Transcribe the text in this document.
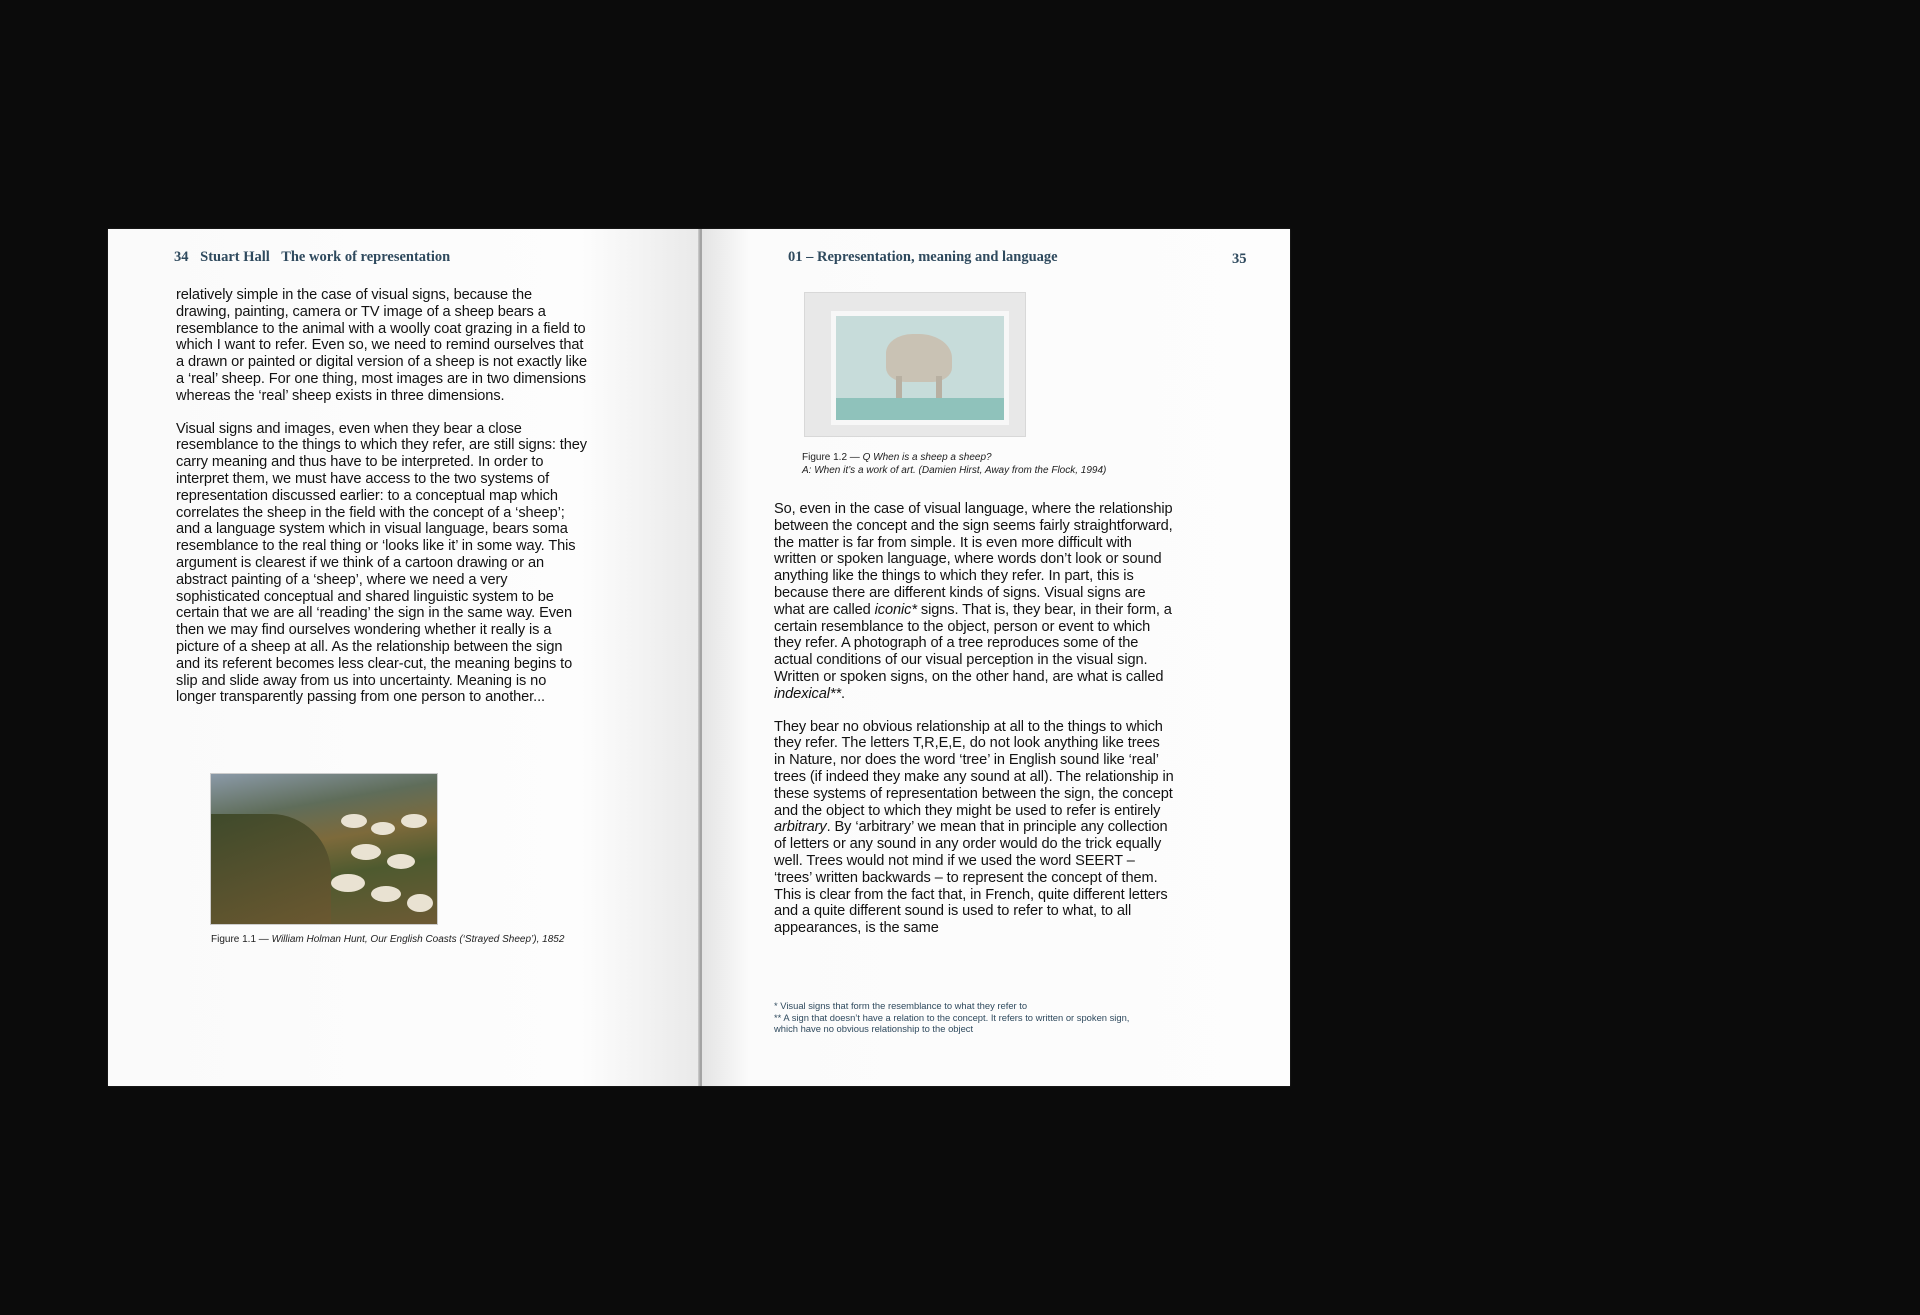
34 Stuart Hall The work of representation

relatively simple in the case of visual signs, because the drawing, painting, camera or TV image of a sheep bears a resemblance to the animal with a woolly coat grazing in a field to which I want to refer. Even so, we need to remind ourselves that a drawn or painted or digital version of a sheep is not exactly like a ‘real’ sheep. For one thing, most images are in two dimensions whereas the ‘real’ sheep exists in three dimensions.

Visual signs and images, even when they bear a close resemblance to the things to which they refer, are still signs: they carry meaning and thus have to be interpreted. In order to interpret them, we must have access to the two systems of representation discussed earlier: to a conceptual map which correlates the sheep in the field with the concept of a ‘sheep’; and a language system which in visual language, bears soma resemblance to the real thing or ‘looks like it’ in some way. This argument is clearest if we think of a cartoon drawing or an abstract painting of a ‘sheep’, where we need a very sophisticated conceptual and shared linguistic system to be certain that we are all ‘reading’ the sign in the same way. Even then we may find ourselves wondering whether it really is a picture of a sheep at all. As the relationship between the sign and its referent becomes less clear-cut, the meaning begins to slip and slide away from us into uncertainty. Meaning is no longer transparently passing from one person to another...

Figure 1.1 — William Holman Hunt, Our English Coasts (‘Strayed Sheep’), 1852
01 – Representation, meaning and language	35
Figure 1.2 — Q When is a sheep a sheep?
A: When it’s a work of art. (Damien Hirst, Away from the Flock, 1994)

So, even in the case of visual language, where the relationship between the concept and the sign seems fairly straightforward, the matter is far from simple. It is even more difficult with written or spoken language, where words don’t look or sound anything like the things to which they refer. In part, this is because there are different kinds of signs. Visual signs are what are called iconic* signs. That is, they bear, in their form, a certain resemblance to the object, person or event to which they refer. A photograph of a tree reproduces some of the actual conditions of our visual perception in the visual sign. Written or spoken signs, on the other hand, are what is called indexical**.

They bear no obvious relationship at all to the things to which they refer. The letters T,R,E,E, do not look anything like trees in Nature, nor does the word ‘tree’ in English sound like ‘real’ trees (if indeed they make any sound at all). The relationship in these systems of representation between the sign, the concept and the object to which they might be used to refer is entirely arbitrary. By ‘arbitrary’ we mean that in principle any collection of letters or any sound in any order would do the trick equally well. Trees would not mind if we used the word SEERT – ‘trees’ written backwards – to represent the concept of them. This is clear from the fact that, in French, quite different letters and a quite different sound is used to refer to what, to all appearances, is the same

* Visual signs that form the resemblance to what they refer to
** A sign that doesn’t have a relation to the concept. It refers to written or spoken sign, which have no obvious relationship to the object
